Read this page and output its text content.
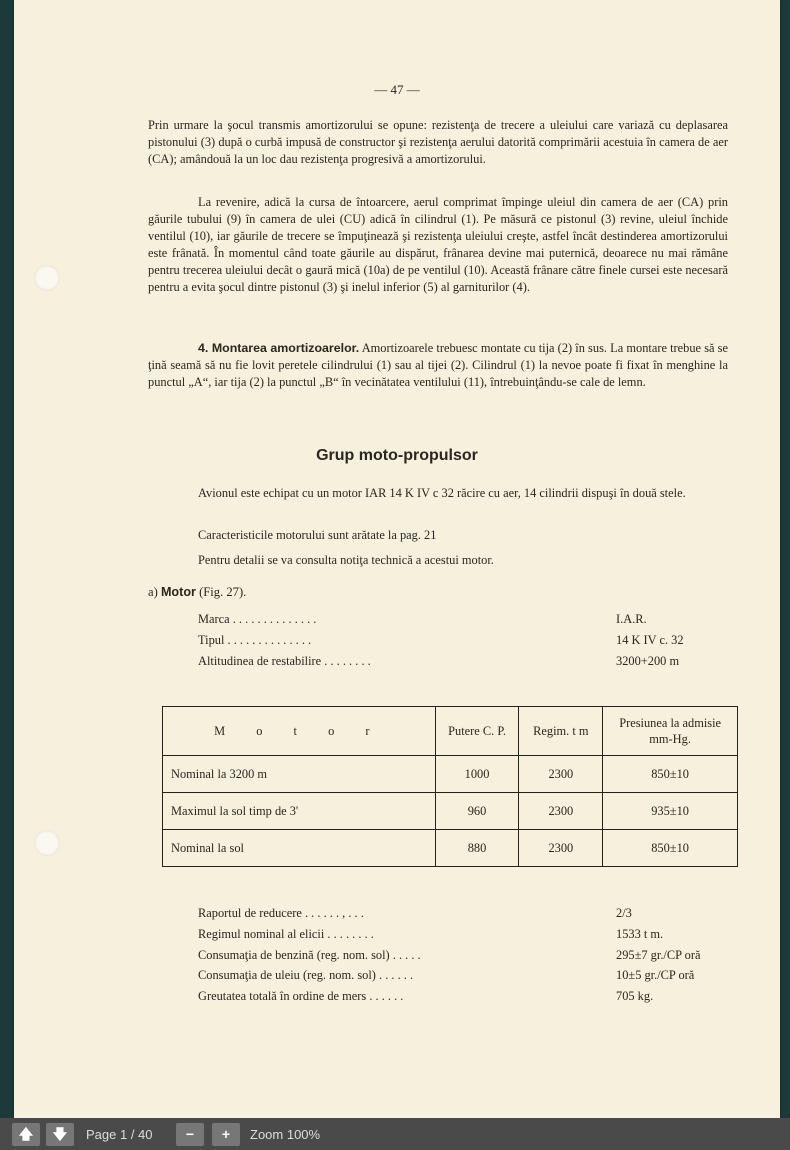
— 47 —

Prin urmare la şocul transmis amortizorului se opune: rezistenţa de trecere a uleiului care variază cu deplasarea pistonului (3) după o curbă impusă de constructor şi rezistenţa aerului datorită comprimării acestuia în camera de aer (CA); amândouă la un loc dau rezistenţa progresivă a amortizorului.

La revenire, adică la cursa de întoarcere, aerul comprimat împinge uleiul din camera de aer (CA) prin găurile tubului (9) în camera de ulei (CU) adică în cilindrul (1). Pe măsură ce pistonul (3) revine, uleiul închide ventilul (10), iar găurile de trecere se împuţinează şi rezistenţa uleiului creşte, astfel încât destinderea amortizorului este frânată. În momentul când toate găurile au dispărut, frânarea devine mai puternică, deoarece nu mai rămâne pentru trecerea uleiului decât o gaură mică (10a) de pe ventilul (10). Această frânare către finele cursei este necesară pentru a evita şocul dintre pistonul (3) şi inelul inferior (5) al garniturilor (4).

4. Montarea amortizoarelor. Amortizoarele trebuesc montate cu tija (2) în sus. La montare trebue să se ţină seamă să nu fie lovit peretele cilindrului (1) sau al tijei (2). Cilindrul (1) la nevoe poate fi fixat în menghine la punctul „A“, iar tija (2) la punctul „B“ în vecinătatea ventilului (11), întrebuinţându-se cale de lemn.

Grup moto-propulsor

Avionul este echipat cu un motor IAR 14 K IV c 32 răcire cu aer, 14 cilindrii dispuşi în două stele.

Caracteristicile motorului sunt arătate la pag. 21
Pentru detalii se va consulta notiţa technică a acestui motor.
a) Motor (Fig. 27).
Marca . . . . . . . . . . . . . .	I.A.R.
Tipul . . . . . . . . . . . . . .	14 K IV c. 32
Altitudinea de restabilire . . . . . . . .	3200+200 m
M o t o r	Putere C. P.	Regim. t m	Presiunea la admisie mm-Hg.
Nominal la 3200 m	1000	2300	850±10
Maximul la sol timp de 3'	960	2300	935±10
Nominal la sol	880	2300	850±10
Raportul de reducere . . . . . . , . . .	2/3
Regimul nominal al elicii . . . . . . . .	1533 t m.
Consumaţia de benzină (reg. nom. sol) . . . . .	295±7 gr./CP oră
Consumaţia de uleiu (reg. nom. sol) . . . . . .	10±5 gr./CP oră
Greutatea totală în ordine de mers . . . . . .	705 kg.
🡅	🡇	Page 1 / 40	−	+	Zoom 100%
